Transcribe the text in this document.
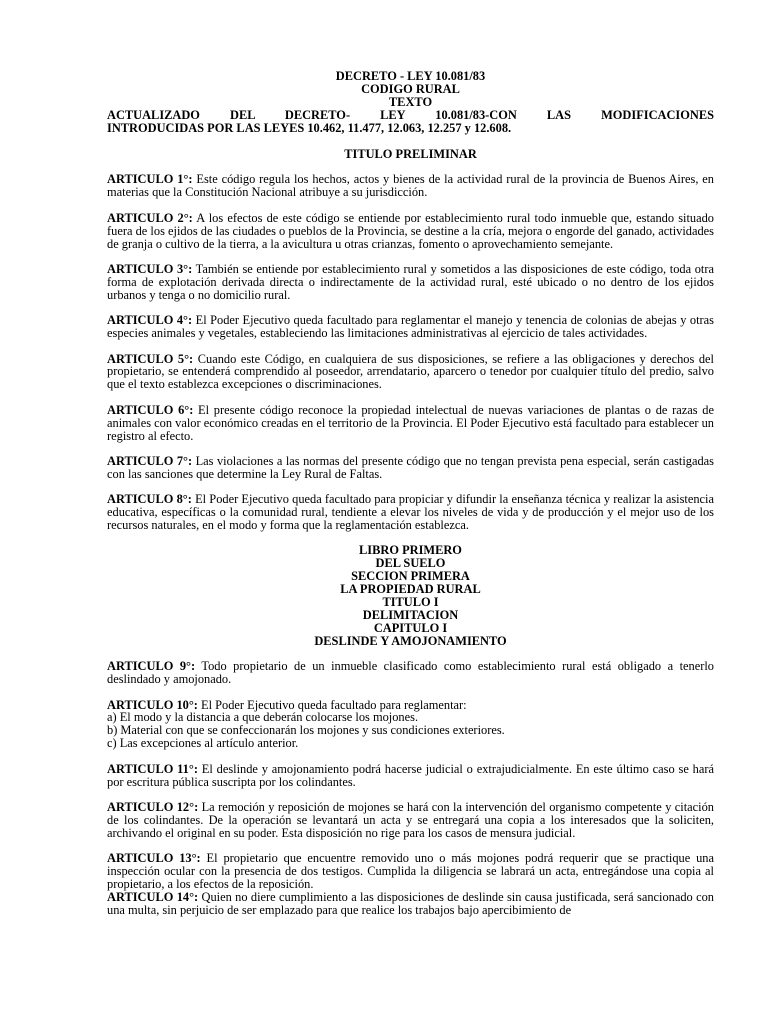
DECRETO - LEY 10.081/83
CODIGO RURAL
TEXTO
ACTUALIZADO DEL DECRETO- LEY 10.081/83-CON LAS MODIFICACIONES
INTRODUCIDAS POR LAS LEYES 10.462, 11.477, 12.063, 12.257 y 12.608.
TITULO PRELIMINAR

ARTICULO 1°: Este código regula los hechos, actos y bienes de la actividad rural de la provincia de Buenos Aires, en materias que la Constitución Nacional atribuye a su jurisdicción.

ARTICULO 2°: A los efectos de este código se entiende por establecimiento rural todo inmueble que, estando situado fuera de los ejidos de las ciudades o pueblos de la Provincia, se destine a la cría, mejora o engorde del ganado, actividades de granja o cultivo de la tierra, a la avicultura u otras crianzas, fomento o aprovechamiento semejante.

ARTICULO 3°: También se entiende por establecimiento rural y sometidos a las disposiciones de este código, toda otra forma de explotación derivada directa o indirectamente de la actividad rural, esté ubicado o no dentro de los ejidos urbanos y tenga o no domicilio rural.

ARTICULO 4°: El Poder Ejecutivo queda facultado para reglamentar el manejo y tenencia de colonias de abejas y otras especies animales y vegetales, estableciendo las limitaciones administrativas al ejercicio de tales actividades.

ARTICULO 5°: Cuando este Código, en cualquiera de sus disposiciones, se refiere a las obligaciones y derechos del propietario, se entenderá comprendido al poseedor, arrendatario, aparcero o tenedor por cualquier título del predio, salvo que el texto establezca excepciones o discriminaciones.

ARTICULO 6°: El presente código reconoce la propiedad intelectual de nuevas variaciones de plantas o de razas de animales con valor económico creadas en el territorio de la Provincia. El Poder Ejecutivo está facultado para establecer un registro al efecto.

ARTICULO 7°: Las violaciones a las normas del presente código que no tengan prevista pena especial, serán castigadas con las sanciones que determine la Ley Rural de Faltas.

ARTICULO 8°: El Poder Ejecutivo queda facultado para propiciar y difundir la enseñanza técnica y realizar la asistencia educativa, específicas o la comunidad rural, tendiente a elevar los niveles de vida y de producción y el mejor uso de los recursos naturales, en el modo y forma que la reglamentación establezca.

LIBRO PRIMERO
DEL SUELO
SECCION PRIMERA
LA PROPIEDAD RURAL
TITULO I
DELIMITACION
CAPITULO I
DESLINDE Y AMOJONAMIENTO

ARTICULO 9°: Todo propietario de un inmueble clasificado como establecimiento rural está obligado a tenerlo deslindado y amojonado.

ARTICULO 10°: El Poder Ejecutivo queda facultado para reglamentar:
a) El modo y la distancia a que deberán colocarse los mojones.
b) Material con que se confeccionarán los mojones y sus condiciones exteriores.
c) Las excepciones al artículo anterior.

ARTICULO 11°: El deslinde y amojonamiento podrá hacerse judicial o extrajudicialmente. En este último caso se hará por escritura pública suscripta por los colindantes.

ARTICULO 12°: La remoción y reposición de mojones se hará con la intervención del organismo competente y citación de los colindantes. De la operación se levantará un acta y se entregará una copia a los interesados que la soliciten, archivando el original en su poder. Esta disposición no rige para los casos de mensura judicial.

ARTICULO 13°: El propietario que encuentre removido uno o más mojones podrá requerir que se practique una inspección ocular con la presencia de dos testigos. Cumplida la diligencia se labrará un acta, entregándose una copia al propietario, a los efectos de la reposición.

ARTICULO 14°: Quien no diere cumplimiento a las disposiciones de deslinde sin causa justificada, será sancionado con una multa, sin perjuicio de ser emplazado para que realice los trabajos bajo apercibimiento de
